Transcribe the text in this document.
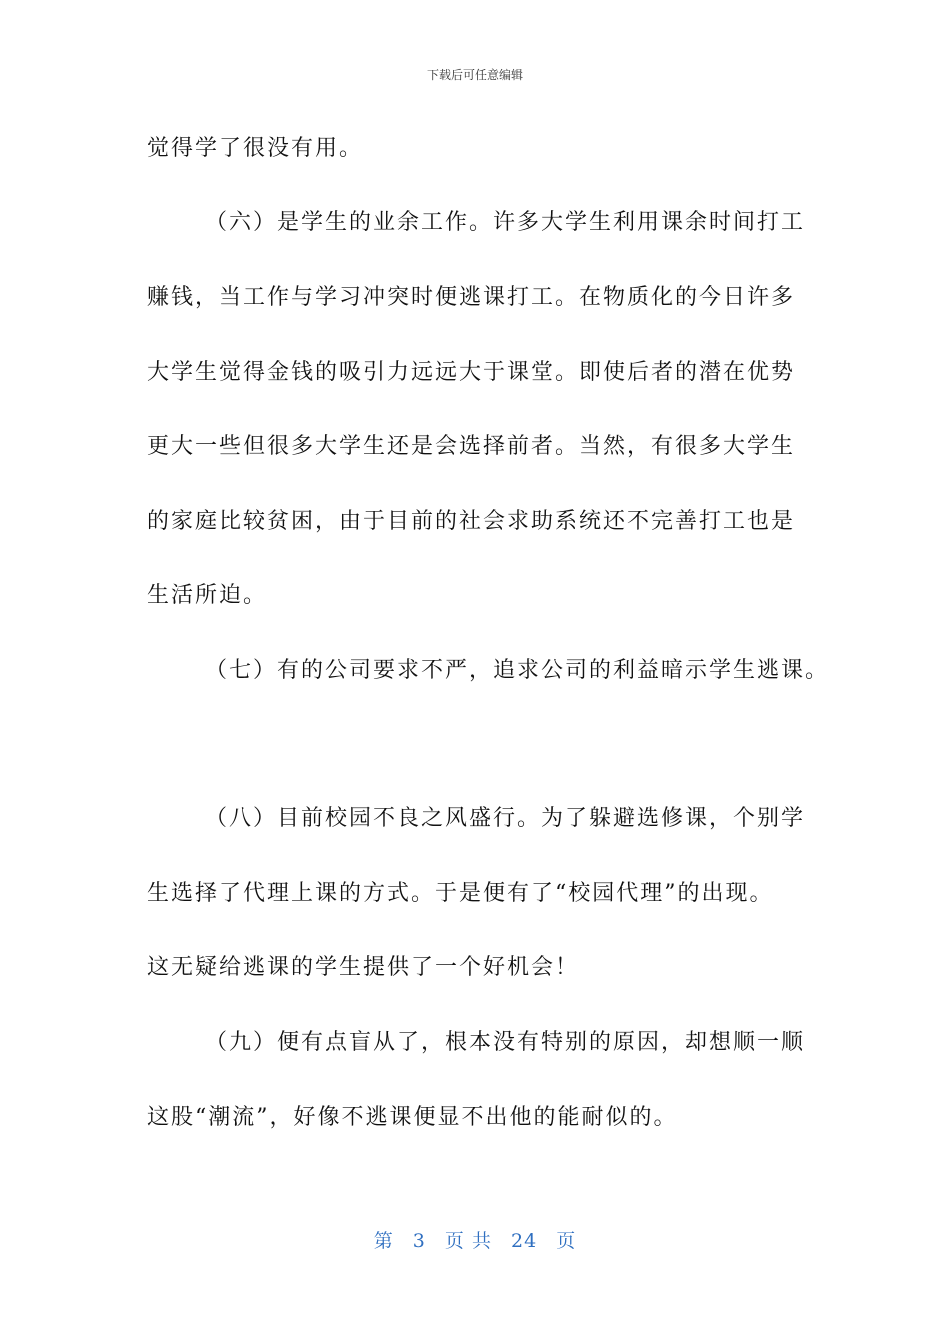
下载后可任意编辑
觉得学了很没有用。
（六）是学生的业余工作。许多大学生利用课余时间打工
赚钱，当工作与学习冲突时便逃课打工。在物质化的今日许多
大学生觉得金钱的吸引力远远大于课堂。即使后者的潜在优势
更大一些但很多大学生还是会选择前者。当然，有很多大学生
的家庭比较贫困，由于目前的社会求助系统还不完善打工也是
生活所迫。
（七）有的公司要求不严，追求公司的利益暗示学生逃课。
（八）目前校园不良之风盛行。为了躲避选修课，个别学
生选择了代理上课的方式。于是便有了“校园代理”的出现。
这无疑给逃课的学生提供了一个好机会！
（九）便有点盲从了，根本没有特别的原因，却想顺一顺
这股“潮流”，好像不逃课便显不出他的能耐似的。
第 3 页 共 24 页
